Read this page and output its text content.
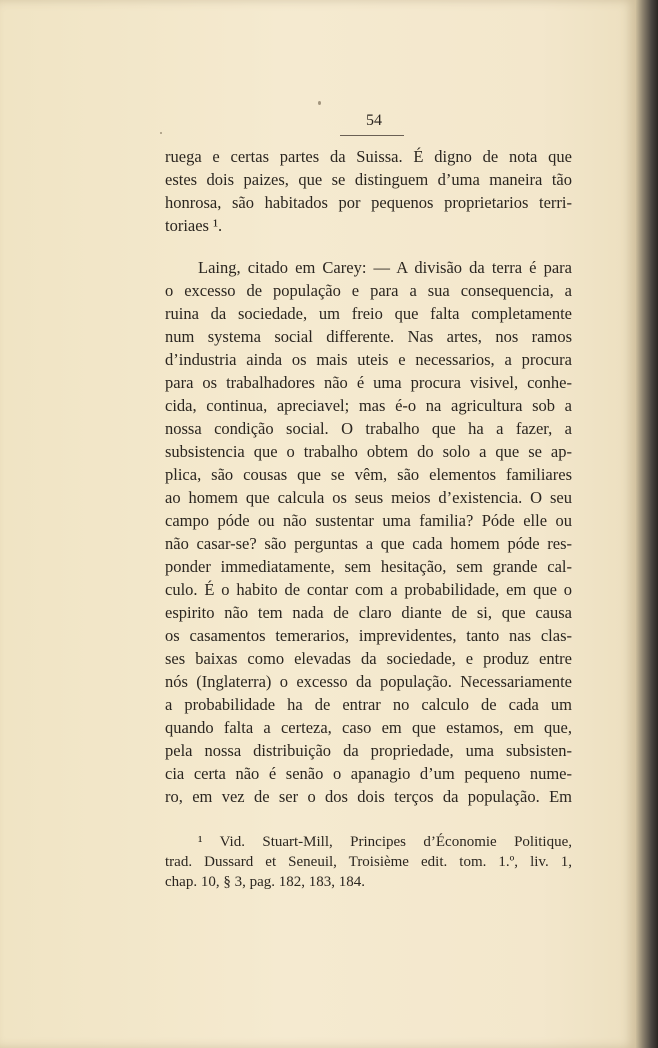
54
ruega e certas partes da Suissa. É digno de nota que
estes dois paizes, que se distinguem d’uma maneira tão
honrosa, são habitados por pequenos proprietarios terri-
toriaes ¹.
Laing, citado em Carey: — A divisão da terra é para
o excesso de população e para a sua consequencia, a
ruina da sociedade, um freio que falta completamente
num systema social differente. Nas artes, nos ramos
d’industria ainda os mais uteis e necessarios, a procura
para os trabalhadores não é uma procura visivel, conhe-
cida, continua, apreciavel; mas é-o na agricultura sob a
nossa condição social. O trabalho que ha a fazer, a
subsistencia que o trabalho obtem do solo a que se ap-
plica, são cousas que se vêm, são elementos familiares
ao homem que calcula os seus meios d’existencia. O seu
campo póde ou não sustentar uma familia? Póde elle ou
não casar-se? são perguntas a que cada homem póde res-
ponder immediatamente, sem hesitação, sem grande cal-
culo. É o habito de contar com a probabilidade, em que o
espirito não tem nada de claro diante de si, que causa
os casamentos temerarios, imprevidentes, tanto nas clas-
ses baixas como elevadas da sociedade, e produz entre
nós (Inglaterra) o excesso da população. Necessariamente
a probabilidade ha de entrar no calculo de cada um
quando falta a certeza, caso em que estamos, em que,
pela nossa distribuição da propriedade, uma subsisten-
cia certa não é senão o apanagio d’um pequeno nume-
ro, em vez de ser o dos dois terços da população. Em
¹ Vid. Stuart-Mill, Principes d’Économie Politique,
trad. Dussard et Seneuil, Troisième edit. tom. 1.º, liv. 1,
chap. 10, § 3, pag. 182, 183, 184.
